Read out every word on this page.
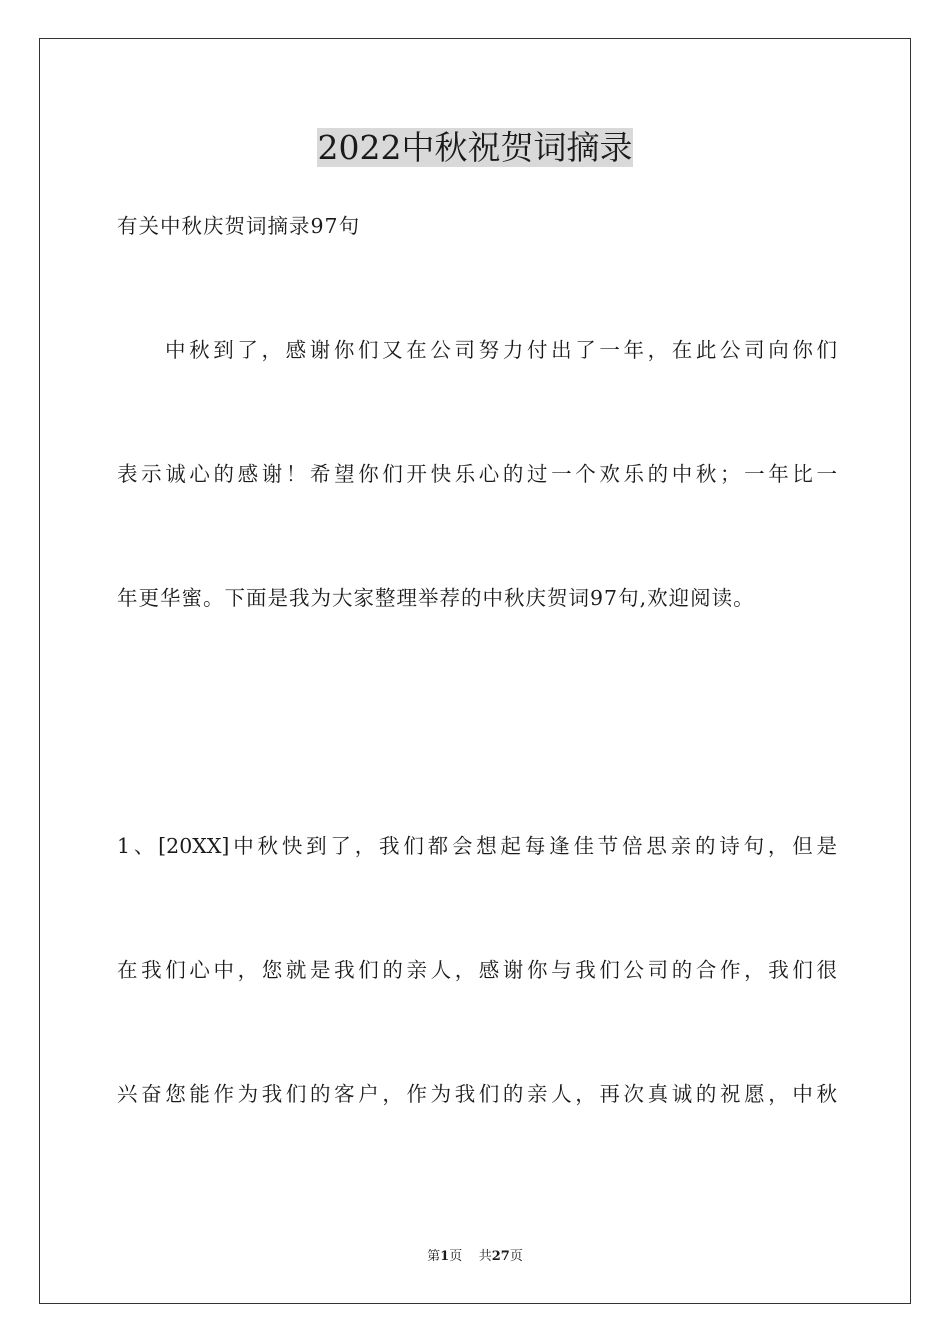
2022中秋祝贺词摘录
有关中秋庆贺词摘录97句
中秋到了，感谢你们又在公司努力付出了一年，在此公司向你们
表示诚心的感谢！希望你们开快乐心的过一个欢乐的中秋；一年比一
年更华蜜。下面是我为大家整理举荐的中秋庆贺词97句,欢迎阅读。
1、[20XX]中秋快到了，我们都会想起每逢佳节倍思亲的诗句，但是
在我们心中，您就是我们的亲人，感谢你与我们公司的合作，我们很
兴奋您能作为我们的客户，作为我们的亲人，再次真诚的祝愿，中秋
第1页 共27页
